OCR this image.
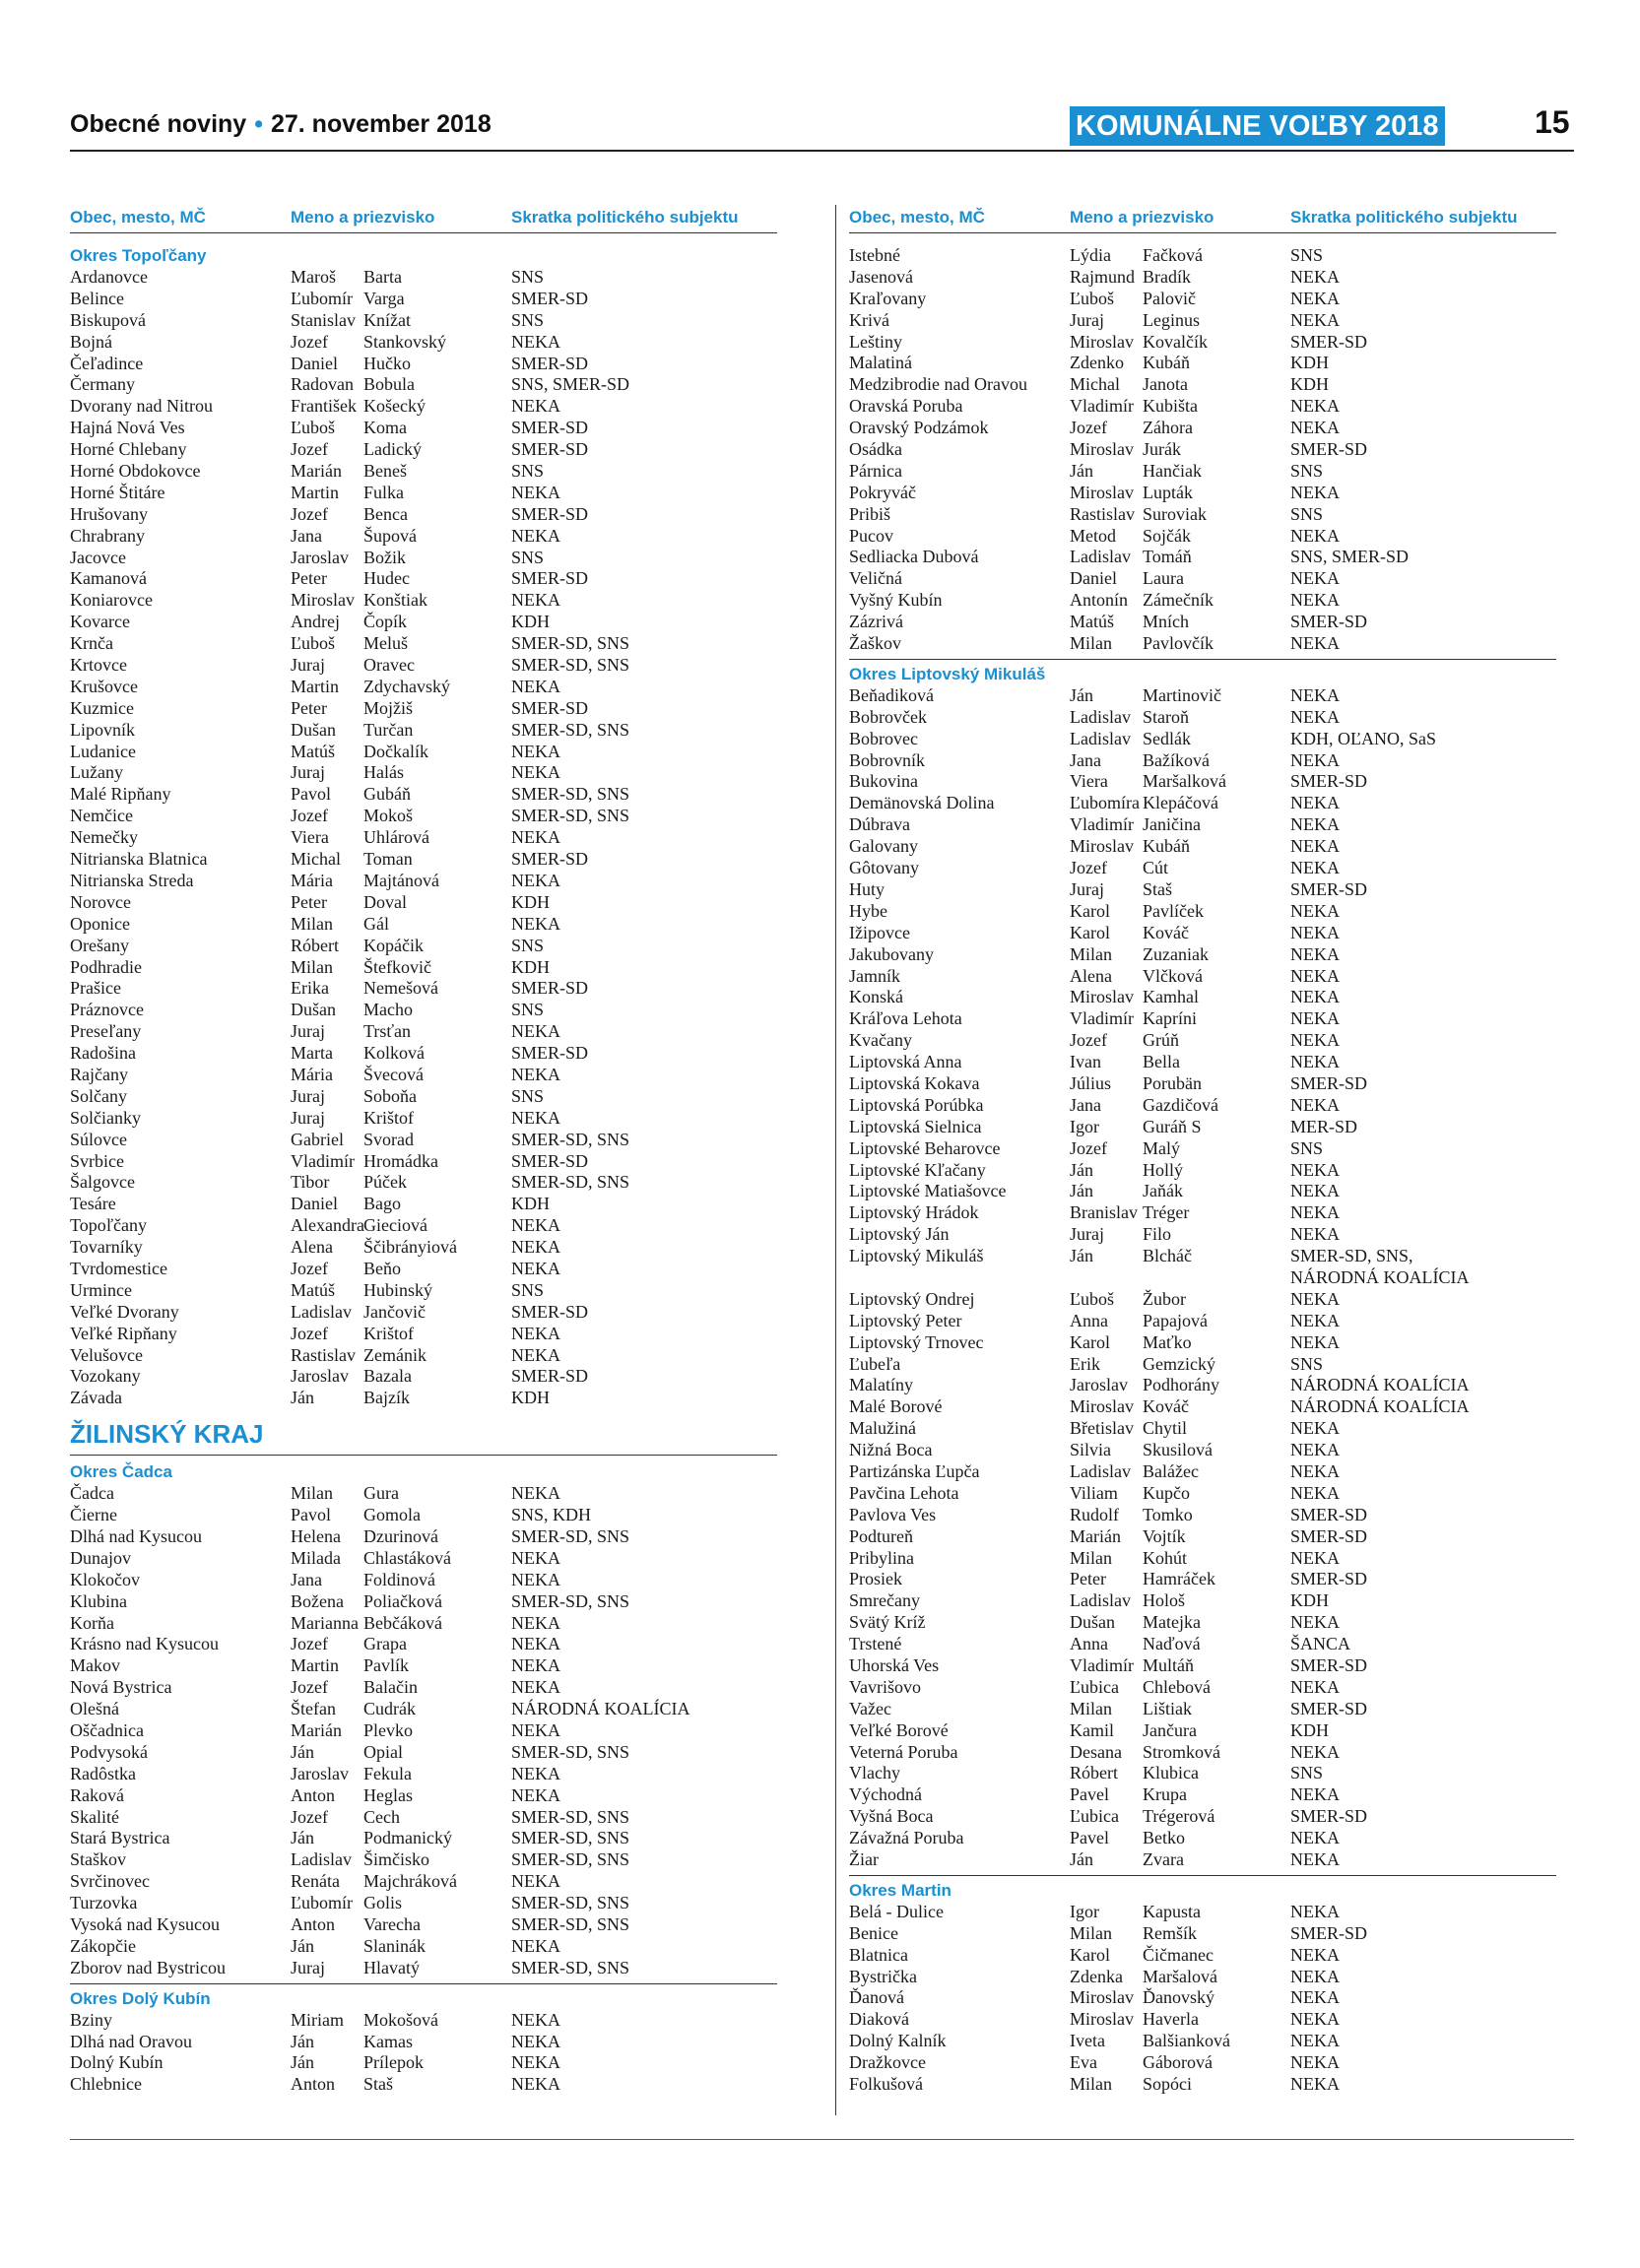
Obecné noviny • 27. november 2018	KOMUNÁLNE VOĽBY 2018	15
Obec, mesto, MČ	Meno a priezvisko	Skratka politického subjektu
Okres Topoľčany
Ardanovce	Maroš Barta	SNS
Belince	Ľubomír Varga	SMER-SD
Biskupová	Stanislav Knížat	SNS
Bojná	Jozef Stankovský	NEKA
Čeľadince	Daniel Hučko	SMER-SD
Čermany	Radovan Bobula	SNS, SMER-SD
Dvorany nad Nitrou	František Košecký	NEKA
Hajná Nová Ves	Ľuboš Koma	SMER-SD
Horné Chlebany	Jozef Ladický	SMER-SD
Horné Obdokovce	Marián Beneš	SNS
Horné Štitáre	Martin Fulka	NEKA
Hrušovany	Jozef Benca	SMER-SD
Chrabrany	Jana Šupová	NEKA
Jacovce	Jaroslav Božik	SNS
Kamanová	Peter Hudec	SMER-SD
Koniarovce	Miroslav Konštiak	NEKA
Kovarce	Andrej Čopík	KDH
Krnča	Ľuboš Meluš	SMER-SD, SNS
Krtovce	Juraj Oravec	SMER-SD, SNS
Krušovce	Martin Zdychavský	NEKA
Kuzmice	Peter Mojžiš	SMER-SD
Lipovník	Dušan Turčan	SMER-SD, SNS
Ludanice	Matúš Dočkalík	NEKA
Lužany	Juraj Halás	NEKA
Malé Ripňany	Pavol Gubáň	SMER-SD, SNS
Nemčice	Jozef Mokoš	SMER-SD, SNS
Nemečky	Viera Uhlárová	NEKA
Nitrianska Blatnica	Michal Toman	SMER-SD
Nitrianska Streda	Mária Majtánová	NEKA
Norovce	Peter Doval	KDH
Oponice	Milan Gál	NEKA
Orešany	Róbert Kopáčik	SNS
Podhradie	Milan Štefkovič	KDH
Prašice	Erika Nemešová	SMER-SD
Práznovce	Dušan Macho	SNS
Preseľany	Juraj Trsťan	NEKA
Radošina	Marta Kolková	SMER-SD
Rajčany	Mária Švecová	NEKA
Solčany	Juraj Soboňa	SNS
Solčianky	Juraj Krištof	NEKA
Súlovce	Gabriel Svorad	SMER-SD, SNS
Svrbice	Vladimír Hromádka	SMER-SD
Šalgovce	Tibor Púček	SMER-SD, SNS
Tesáre	Daniel Bago	KDH
Topoľčany	Alexandra Gieciová	NEKA
Tovarníky	Alena Ščibrányiová	NEKA
Tvrdomestice	Jozef Beňo	NEKA
Urmince	Matúš Hubinský	SNS
Veľké Dvorany	Ladislav Jančovič	SMER-SD
Veľké Ripňany	Jozef Krištof	NEKA
Velušovce	Rastislav Zemánik	NEKA
Vozokany	Jaroslav Bazala	SMER-SD
Závada	Ján	Bajzík	KDH
ŽILINSKÝ KRAJ
Okres Čadca
Čadca	Milan Gura	NEKA
Čierne	Pavol Gomola	SNS, KDH
Dlhá nad Kysucou	Helena Dzurinová	SMER-SD, SNS
Dunajov	Milada Chlastáková	NEKA
Klokočov	Jana Foldinová	NEKA
Klubina	Božena Poliačková	SMER-SD, SNS
Korňa	Marianna Bebčáková	NEKA
Krásno nad Kysucou	Jozef Grapa	NEKA
Makov	Martin Pavlík	NEKA
Nová Bystrica	Jozef Balačin	NEKA
Olešná	Štefan Cudrák	NÁRODNÁ KOALÍCIA
Oščadnica	Marián Plevko	NEKA
Podvysoká	Ján	Opial	SMER-SD, SNS
Radôstka	Jaroslav Fekula	NEKA
Raková	Anton Heglas	NEKA
Skalité	Jozef Cech	SMER-SD, SNS
Stará Bystrica	Ján	Podmanický	SMER-SD, SNS
Staškov	Ladislav Šimčisko	SMER-SD, SNS
Svrčinovec	Renáta Majchráková	NEKA
Turzovka	Ľubomír Golis	SMER-SD, SNS
Vysoká nad Kysucou	Anton Varecha	SMER-SD, SNS
Zákopčie	Ján	Slaninák	NEKA
Zborov nad Bystricou	Juraj Hlavatý	SMER-SD, SNS
Okres Dolý Kubín
Bziny	Miriam Mokošová	NEKA
Dlhá nad Oravou	Ján	Kamas	NEKA
Dolný Kubín	Ján	Prílepok	NEKA
Chlebnice	Anton Staš	NEKA
Obec, mesto, MČ	Meno a priezvisko	Skratka politického subjektu
Istebné	Lýdia Fačková	SNS
Jasenová	Rajmund Bradík	NEKA
Kraľovany	Ľuboš Palovič	NEKA
Krivá	Juraj Leginus	NEKA
Leštiny	Miroslav Kovalčík	SMER-SD
Malatiná	Zdenko Kubáň	KDH
Medzibrodie nad Oravou Michal Janota	KDH
Oravská Poruba	Vladimír Kubišta	NEKA
Oravský Podzámok	Jozef Záhora	NEKA
Osádka	Miroslav Jurák	SMER-SD
Párnica	Ján	Hančiak	SNS
Pokryváč	Miroslav Lupták	NEKA
Pribiš	Rastislav Suroviak	SNS
Pucov	Metod Sojčák	NEKA
Sedliacka Dubová	Ladislav Tomáň	SNS, SMER-SD
Veličná	Daniel Laura	NEKA
Vyšný Kubín	Antonín Zámečník	NEKA
Zázrivá	Matúš Mních	SMER-SD
Žaškov	Milan Pavlovčík	NEKA
Okres Liptovský Mikuláš
Beňadiková	Ján	Martinovič	NEKA
Bobrovček	Ladislav Staroň	NEKA
Bobrovec	Ladislav Sedlák	KDH, OĽANO, SaS
Bobrovník	Jana Bažíková	NEKA
Bukovina	Viera Maršalková	SMER-SD
Demänovská Dolina	Ľubomíra Klepáčová	NEKA
Dúbrava	Vladimír Janičina	NEKA
Galovany	Miroslav Kubáň	NEKA
Gôtovany	Jozef Cút	NEKA
Huty	Juraj Staš	SMER-SD
Hybe	Karol Pavlíček	NEKA
Ižipovce	Karol Kováč	NEKA
Jakubovany	Milan Zuzaniak	NEKA
Jamník	Alena Vlčková	NEKA
Konská	Miroslav Kamhal	NEKA
Kráľova Lehota	Vladimír Kapríni	NEKA
Kvačany	Jozef Grúň	NEKA
Liptovská Anna	Ivan Bella	NEKA
Liptovská Kokava	Július Porubän	SMER-SD
Liptovská Porúbka	Jana Gazdičová	NEKA
Liptovská Sielnica	Igor Guráň S	MER-SD
Liptovské Beharovce	Jozef Malý	SNS
Liptovské Kľačany	Ján	Hollý	NEKA
Liptovské Matiašovce	Ján	Jaňák	NEKA
Liptovský Hrádok	Branislav Tréger	NEKA
Liptovský Ján	Juraj Filo	NEKA
Liptovský Mikuláš	Ján	Blcháč	SMER-SD, SNS,
NÁRODNÁ KOALÍCIA
Liptovský Ondrej	Ľuboš Žubor	NEKA
Liptovský Peter	Anna Papajová	NEKA
Liptovský Trnovec	Karol Maťko	NEKA
Ľubeľa	Erik Gemzický	SNS
Malatíny	Jaroslav Podhorány	NÁRODNÁ KOALÍCIA
Malé Borové	Miroslav Kováč	NÁRODNÁ KOALÍCIA
Malužiná	Břetislav Chytil	NEKA
Nižná Boca	Silvia Skusilová	NEKA
Partizánska Ľupča	Ladislav Balážec	NEKA
Pavčina Lehota	Viliam Kupčo	NEKA
Pavlova Ves	Rudolf Tomko	SMER-SD
Podtureň	Marián Vojtík	SMER-SD
Pribylina	Milan Kohút	NEKA
Prosiek	Peter Hamráček	SMER-SD
Smrečany	Ladislav Hološ	KDH
Svätý Kríž	Dušan Matejka	NEKA
Trstené	Anna Naďová	ŠANCA
Uhorská Ves	Vladimír Multáň	SMER-SD
Vavrišovo	Ľubica Chlebová	NEKA
Važec	Milan Lištiak	SMER-SD
Veľké Borové	Kamil Jančura	KDH
Veterná Poruba	Desana Stromková	NEKA
Vlachy	Róbert Klubica	SNS
Východná	Pavel Krupa	NEKA
Vyšná Boca	Ľubica Trégerová	SMER-SD
Závažná Poruba	Pavel Betko	NEKA
Žiar	Ján	Zvara	NEKA
Okres Martin
Belá - Dulice	Igor Kapusta	NEKA
Benice	Milan Remšík	SMER-SD
Blatnica	Karol Čičmanec	NEKA
Bystrička	Zdenka Maršalová	NEKA
Ďanová	Miroslav Ďanovský	NEKA
Diaková	Miroslav Haverla	NEKA
Dolný Kalník	Iveta Balšianková	NEKA
Dražkovce	Eva	Gáborová	NEKA
Folkušová	Milan Sopóci	NEKA
